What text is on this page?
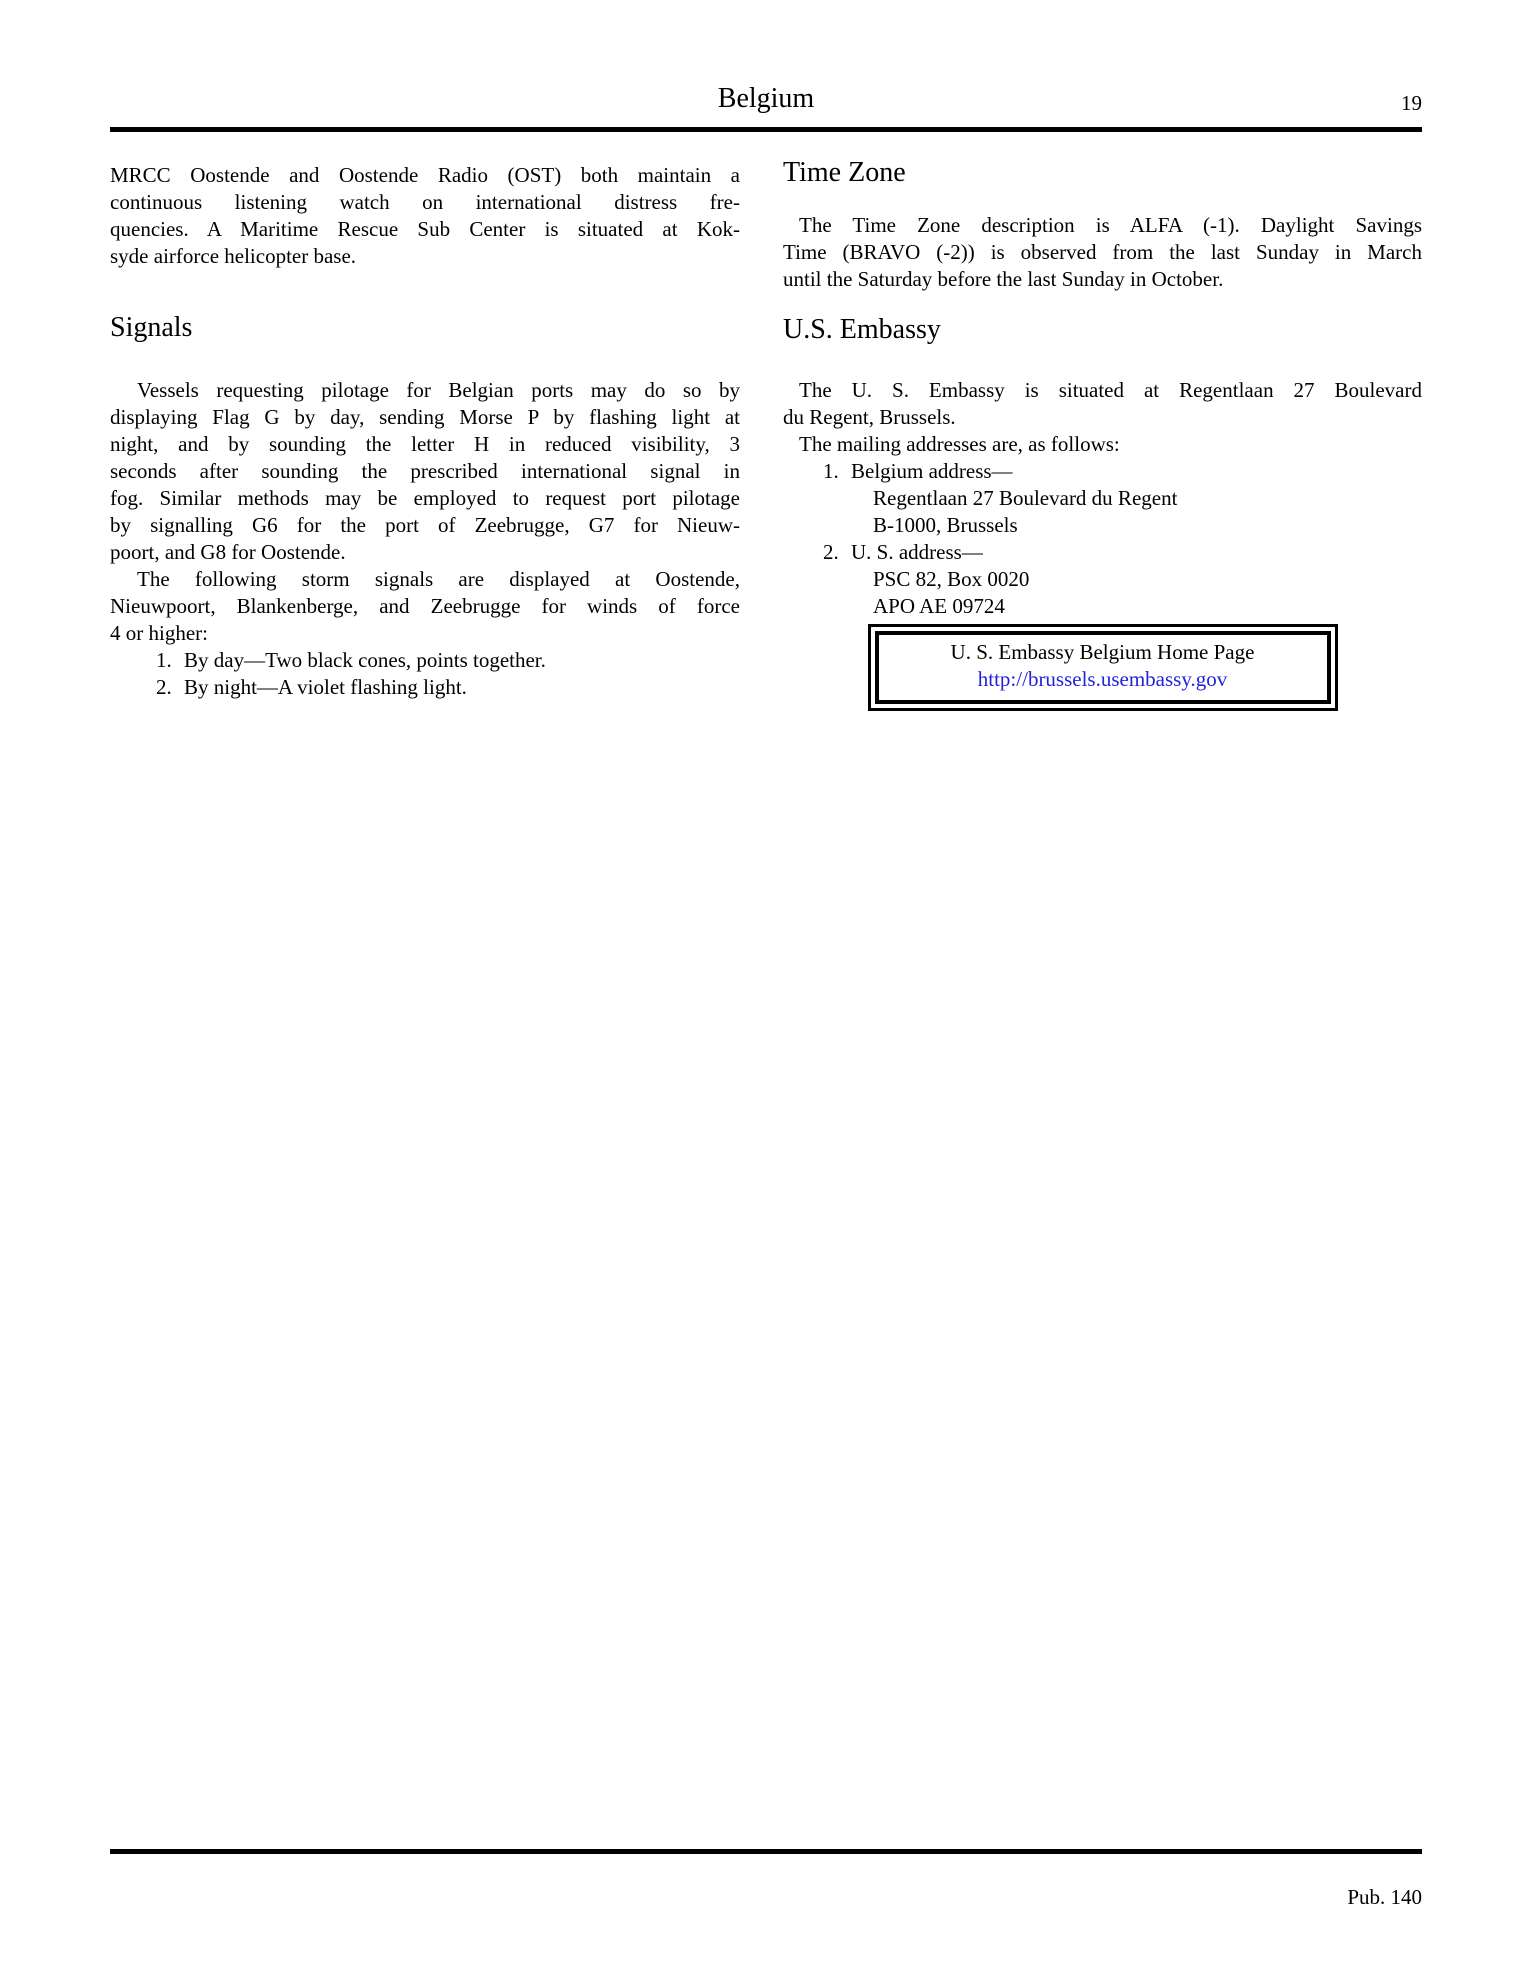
Belgium	19
MRCC Oostende and Oostende Radio (OST) both maintain a
continuous listening watch on international distress fre-
quencies. A Maritime Rescue Sub Center is situated at Kok-
syde airforce helicopter base.
Signals
Vessels requesting pilotage for Belgian ports may do so by
displaying Flag G by day, sending Morse P by flashing light at
night, and by sounding the letter H in reduced visibility, 3
seconds after sounding the prescribed international signal in
fog. Similar methods may be employed to request port pilotage
by signalling G6 for the port of Zeebrugge, G7 for Nieuw-
poort, and G8 for Oostende.
The following storm signals are displayed at Oostende,
Nieuwpoort, Blankenberge, and Zeebrugge for winds of force
4 or higher:
1. By day—Two black cones, points together.
2. By night—A violet flashing light.
Time Zone
The Time Zone description is ALFA (-1). Daylight Savings
Time (BRAVO (-2)) is observed from the last Sunday in March
until the Saturday before the last Sunday in October.
U.S. Embassy
The U. S. Embassy is situated at Regentlaan 27 Boulevard
du Regent, Brussels.
The mailing addresses are, as follows:
1. Belgium address—
Regentlaan 27 Boulevard du Regent
B-1000, Brussels
2. U. S. address—
PSC 82, Box 0020
APO AE 09724
U. S. Embassy Belgium Home Page
http://brussels.usembassy.gov
Pub. 140
